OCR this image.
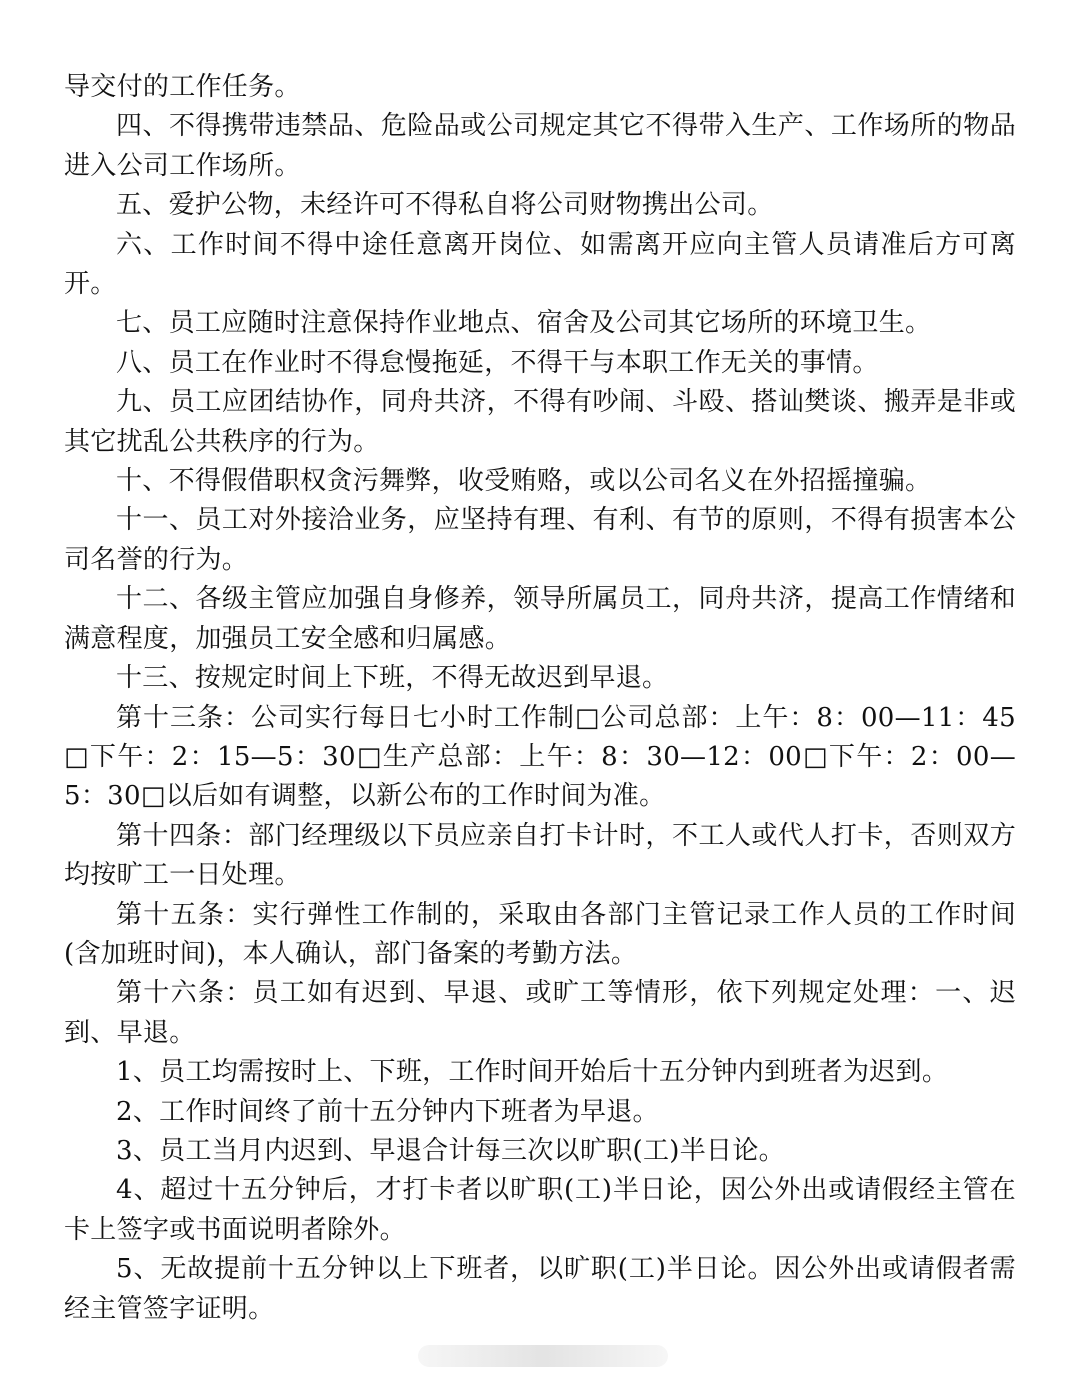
导交付的工作任务。

四、不得携带违禁品、危险品或公司规定其它不得带入生产、工作场所的物品进入公司工作场所。

五、爱护公物，未经许可不得私自将公司财物携出公司。

六、工作时间不得中途任意离开岗位、如需离开应向主管人员请准后方可离开。

七、员工应随时注意保持作业地点、宿舍及公司其它场所的环境卫生。

八、员工在作业时不得怠慢拖延，不得干与本职工作无关的事情。

九、员工应团结协作，同舟共济，不得有吵闹、斗殴、搭讪樊谈、搬弄是非或其它扰乱公共秩序的行为。

十、不得假借职权贪污舞弊，收受贿赂，或以公司名义在外招摇撞骗。

十一、员工对外接洽业务，应坚持有理、有利、有节的原则，不得有损害本公司名誉的行为。

十二、各级主管应加强自身修养，领导所属员工，同舟共济，提高工作情绪和满意程度，加强员工安全感和归属感。

十三、按规定时间上下班，不得无故迟到早退。

第十三条：公司实行每日七小时工作制□公司总部：上午：8：00—11：45□下午：2：15—5：30□生产总部：上午：8：30—12：00□下午：2：00—5：30□以后如有调整，以新公布的工作时间为准。

第十四条：部门经理级以下员应亲自打卡计时，不工人或代人打卡，否则双方均按旷工一日处理。

第十五条：实行弹性工作制的，采取由各部门主管记录工作人员的工作时间(含加班时间)，本人确认，部门备案的考勤方法。

第十六条：员工如有迟到、早退、或旷工等情形，依下列规定处理：一、迟到、早退。

1、员工均需按时上、下班，工作时间开始后十五分钟内到班者为迟到。

2、工作时间终了前十五分钟内下班者为早退。

3、员工当月内迟到、早退合计每三次以旷职(工)半日论。

4、超过十五分钟后，才打卡者以旷职(工)半日论，因公外出或请假经主管在卡上签字或书面说明者除外。

5、无故提前十五分钟以上下班者，以旷职(工)半日论。因公外出或请假者需经主管签字证明。
